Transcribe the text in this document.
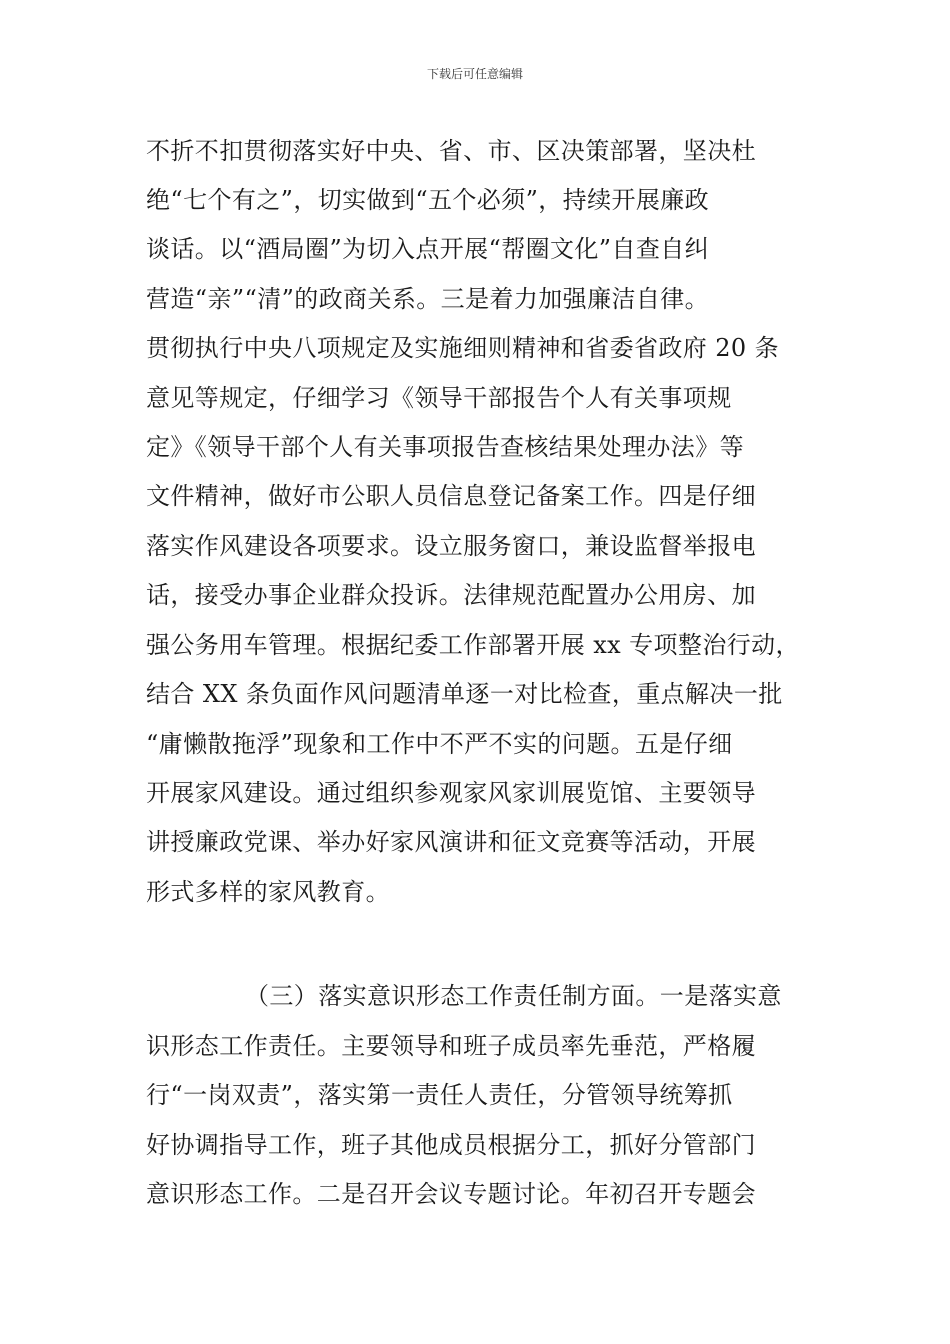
下载后可任意编辑
不折不扣贯彻落实好中央、省、市、区决策部署，坚决杜
绝“七个有之”，切实做到“五个必须”，持续开展廉政
谈话。以“酒局圈”为切入点开展“帮圈文化”自查自纠
营造“亲”“清”的政商关系。三是着力加强廉洁自律。
贯彻执行中央八项规定及实施细则精神和省委省政府 20 条
意见等规定，仔细学习《领导干部报告个人有关事项规
定》《领导干部个人有关事项报告查核结果处理办法》等
文件精神，做好市公职人员信息登记备案工作。四是仔细
落实作风建设各项要求。设立服务窗口，兼设监督举报电
话，接受办事企业群众投诉。法律规范配置办公用房、加
强公务用车管理。根据纪委工作部署开展 xx 专项整治行动，
结合 XX 条负面作风问题清单逐一对比检查，重点解决一批
“庸懒散拖浮”现象和工作中不严不实的问题。五是仔细
开展家风建设。通过组织参观家风家训展览馆、主要领导
讲授廉政党课、举办好家风演讲和征文竞赛等活动，开展
形式多样的家风教育。
（三）落实意识形态工作责任制方面。一是落实意
识形态工作责任。主要领导和班子成员率先垂范，严格履
行“一岗双责”，落实第一责任人责任，分管领导统筹抓
好协调指导工作，班子其他成员根据分工，抓好分管部门
意识形态工作。二是召开会议专题讨论。年初召开专题会
